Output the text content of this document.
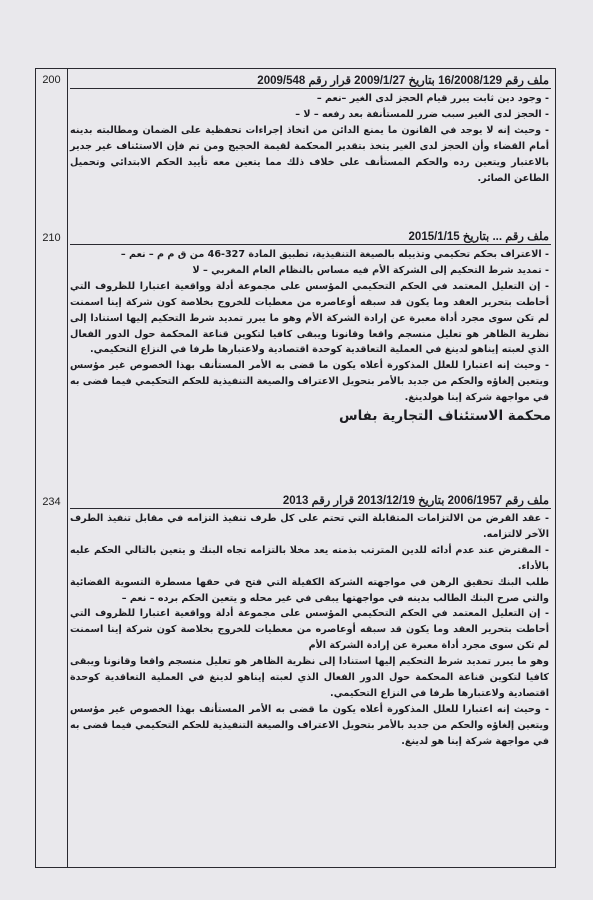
200
210
234
ملف رقم 16/2008/129 بتاريخ 2009/1/27 قرار رقم 2009/548

- وجود دين ثابت يبرر قيام الحجز لدى الغير –نعم –

- الحجز لدى الغير سبب ضرر للمستأنفة بعد رفعه – لا –

- وحيث إنه لا يوجد في القانون ما يمنع الدائن من اتخاذ إجراءات تحفظية على الضمان ومطالبته بدينه أمام القضاء وأن الحجز لدى الغير يتخذ بتقدير المحكمة لقيمة الحجيج ومن تم فإن الاستئناف غير جدير بالاعتبار ويتعين رده والحكم المستأنف على خلاف ذلك مما يتعين معه تأييد الحكم الابتدائي وتحميل الطاعن الصائر.

ملف رقم ... بتاريخ 2015/1/15

- الاعتراف بحكم تحكيمي وتذييله بالصيغة التنفيذية، تطبيق المادة 327-46 من ق م م – نعم –

- تمديد شرط التحكيم إلى الشركة الأم فيه مساس بالنظام العام المغربي – لا

- إن التعليل المعتمد في الحكم التحكيمي المؤسس على مجموعة أدلة وواقعية اعتبارا للظروف التي أحاطت بتحرير العقد وما يكون قد سبقه أوعاصره من معطيات للخروج بخلاصة كون شركة إينا اسمنت لم تكن سوى مجرد أداة معبرة عن إرادة الشركة الأم وهو ما يبرر تمديد شرط التحكيم إليها استنادا إلى نظرية الظاهر هو تعليل منسجم واقعا وقانونا ويبقى كافيا لتكوين قناعة المحكمة حول الدور الفعال الذي لعبته إيناهو لدينغ في العملية التعاقدية كوحدة اقتصادية ولاعتبارها طرفا في النزاع التحكيمي.

- وحيث إنه اعتبارا للعلل المذكورة أعلاه يكون ما قضى به الأمر المستأنف بهذا الخصوص غير مؤسس ويتعين إلغاؤه والحكم من جديد بالأمر بتحويل الاعتراف والصيغة التنفيذية للحكم التحكيمي فيما قضى به في مواجهة شركة إينا هولدينغ.

محكمة الاستئناف التجارية بفاس
ملف رقم 2006/1957 بتاريخ 2013/12/19 قرار رقم 2013

- عقد القرض من الالتزامات المتقابلة التي تحتم على كل طرف تنفيذ التزامه في مقابل تنفيذ الطرف الآخر لالتزامه.

- المقترض عند عدم أدائه للدين المترتب بذمته يعد مخلا بالتزامه تجاه البنك و يتعين بالتالي الحكم عليه بالأداء.

طلب البنك تحقيق الرهن في مواجهته الشركة الكفيلة التي فتح في حقها مسطرة التسوية القضائية والتي صرح البنك الطالب بدينه في مواجهتها يبقى في غير محله و يتعين الحكم برده – نعم –

- إن التعليل المعتمد في الحكم التحكيمي المؤسس على مجموعة أدلة وواقعية اعتبارا للظروف التي أحاطت بتحرير العقد وما يكون قد سبقه أوعاصره من معطيات للخروج بخلاصة كون شركة إينا اسمنت لم تكن سوى مجرد أداة معبرة عن إرادة الشركة الأم

وهو ما يبرر تمديد شرط التحكيم إليها استنادا إلى نظرية الظاهر هو تعليل منسجم واقعا وقانونا ويبقى كافيا لتكوين قناعة المحكمة حول الدور الفعال الذي لعبته إيناهو لدينغ في العملية التعاقدية كوحدة اقتصادية ولاعتبارها طرفا في النزاع التحكيمي.

- وحيث إنه اعتبارا للعلل المذكورة أعلاه يكون ما قضى به الأمر المستأنف بهذا الخصوص غير مؤسس ويتعين إلغاؤه والحكم من جديد بالأمر بتحويل الاعتراف والصيغة التنفيذية للحكم التحكيمي فيما قضى به في مواجهة شركة إينا هو لدينغ.
